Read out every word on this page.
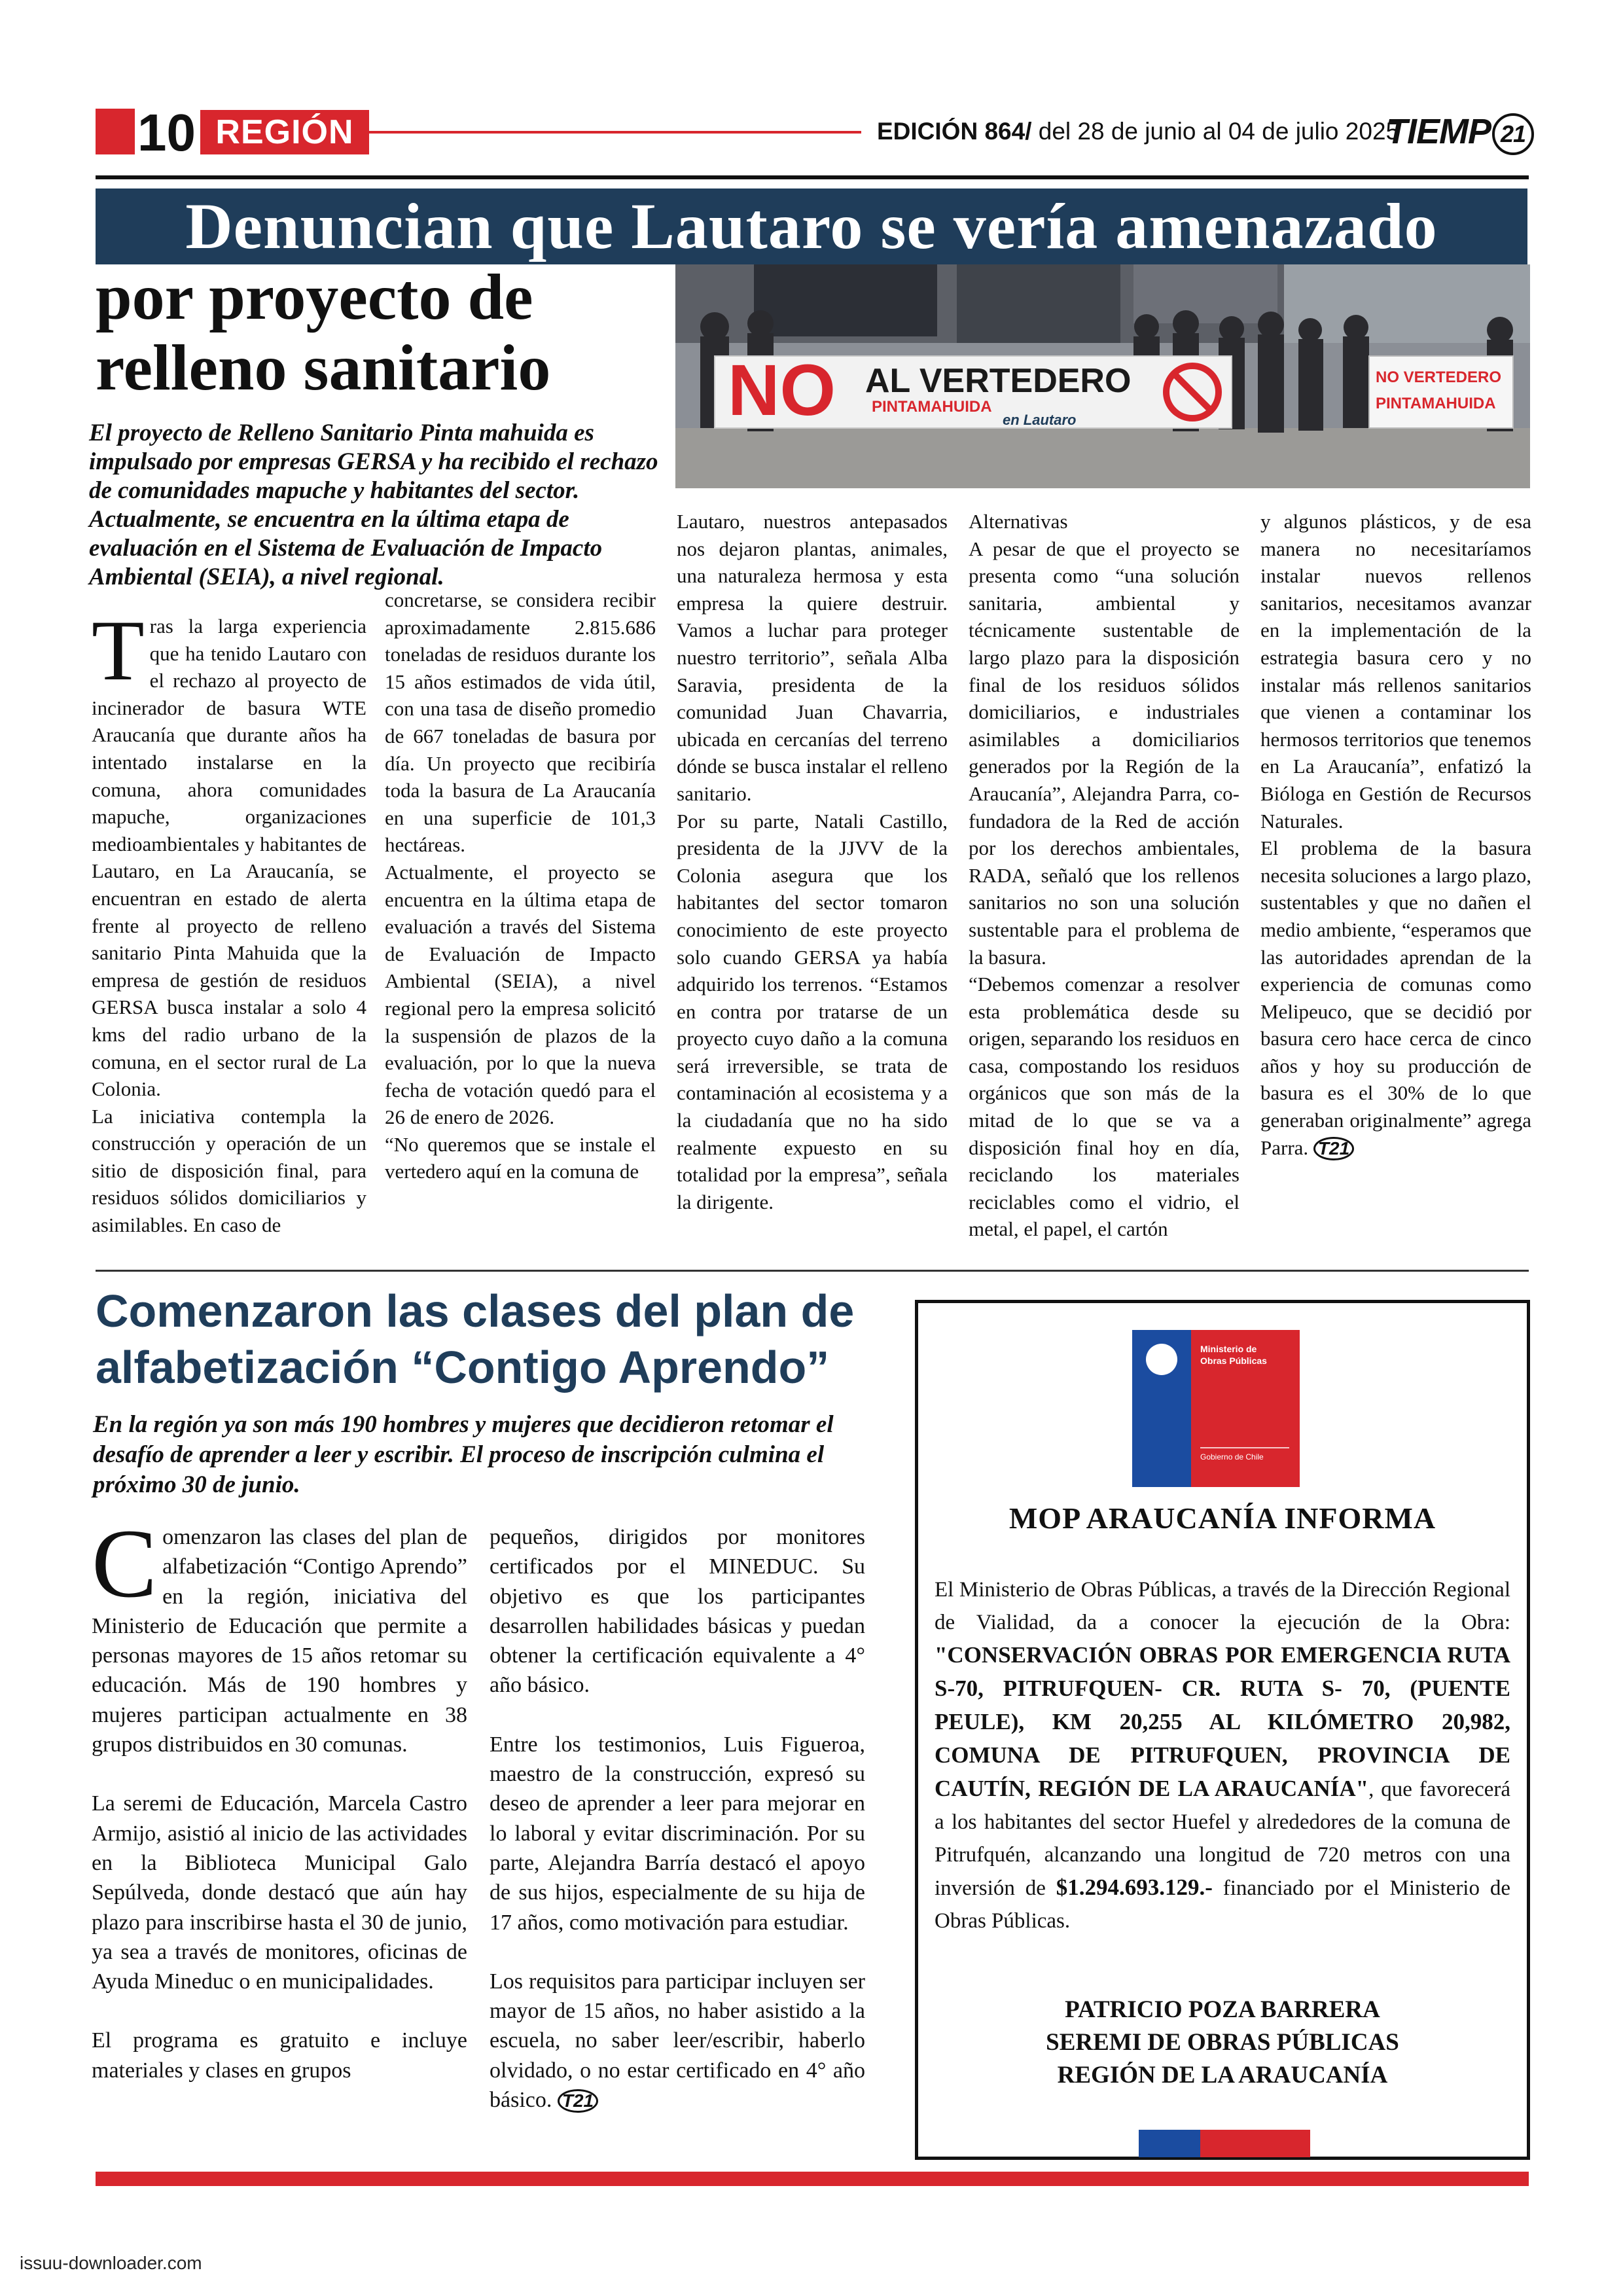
10 REGIÓN	EDICIÓN 864/ del 28 de junio al 04 de julio 2025
TIEMP 21
Denuncian que Lautaro se vería amenazado
por proyecto de
relleno sanitario	NO AL VERTEDERO
PINTAMAHUIDA
en Lautaro
NO VERTEDERO
PINTAMAHUIDA
El proyecto de Relleno Sanitario Pinta mahuida es impulsado por empresas GERSA y ha recibido el rechazo de comunidades mapuche y habitantes del sector. Actualmente, se encuentra en la última etapa de evaluación en el Sistema de Evaluación de Impacto Ambiental (SEIA), a nivel regional.

Tras la larga experiencia que ha tenido Lautaro con el rechazo al proyecto de incinerador de basura WTE Araucanía que durante años ha intentado instalarse en la comuna, ahora comunidades mapuche, organizaciones medioambientales y habitantes de Lautaro, en La Araucanía, se encuentran en estado de alerta frente al proyecto de relleno sanitario Pinta Mahuida que la empresa de gestión de residuos GERSA busca instalar a solo 4 kms del radio urbano de la comuna, en el sector rural de La Colonia.

La iniciativa contempla la construcción y operación de un sitio de disposición final, para residuos sólidos domiciliarios y asimilables. En caso de

concretarse, se considera recibir aproximadamente 2.815.686 toneladas de residuos durante los 15 años estimados de vida útil, con una tasa de diseño promedio de 667 toneladas de basura por día. Un proyecto que recibiría toda la basura de La Araucanía en una superficie de 101,3 hectáreas.

Actualmente, el proyecto se encuentra en la última etapa de evaluación a través del Sistema de Evaluación de Impacto Ambiental (SEIA), a nivel regional pero la empresa solicitó la suspensión de plazos de la evaluación, por lo que la nueva fecha de votación quedó para el 26 de enero de 2026.

“No queremos que se instale el vertedero aquí en la comuna de

Lautaro, nuestros antepasados nos dejaron plantas, animales, una naturaleza hermosa y esta empresa la quiere destruir. Vamos a luchar para proteger nuestro territorio”, señala Alba Saravia, presidenta de la comunidad Juan Chavarria, ubicada en cercanías del terreno dónde se busca instalar el relleno sanitario.

Por su parte, Natali Castillo, presidenta de la JJVV de la Colonia asegura que los habitantes del sector tomaron conocimiento de este proyecto solo cuando GERSA ya había adquirido los terrenos. “Estamos en contra por tratarse de un proyecto cuyo daño a la comuna será irreversible, se trata de contaminación al ecosistema y a la ciudadanía que no ha sido realmente expuesto en su totalidad por la empresa”, señala la dirigente.

Alternativas

A pesar de que el proyecto se presenta como “una solución sanitaria, ambiental y técnicamente sustentable de largo plazo para la disposición final de los residuos sólidos domiciliarios, e industriales asimilables a domiciliarios generados por la Región de la Araucanía”, Alejandra Parra, co-fundadora de la Red de acción por los derechos ambientales, RADA, señaló que los rellenos sanitarios no son una solución sustentable para el problema de la basura.

“Debemos comenzar a resolver esta problemática desde su origen, separando los residuos en casa, compostando los residuos orgánicos que son más de la mitad de lo que se va a disposición final hoy en día, reciclando los materiales reciclables como el vidrio, el metal, el papel, el cartón

y algunos plásticos, y de esa manera no necesitaríamos instalar nuevos rellenos sanitarios, necesitamos avanzar en la implementación de la estrategia basura cero y no instalar más rellenos sanitarios que vienen a contaminar los hermosos territorios que tenemos en La Araucanía”, enfatizó la Bióloga en Gestión de Recursos Naturales.

El problema de la basura necesita soluciones a largo plazo, sustentables y que no dañen el medio ambiente, “esperamos que las autoridades aprendan de la experiencia de comunas como Melipeuco, que se decidió por basura cero hace cerca de cinco años y hoy su producción de basura es el 30% de lo que generaban originalmente” agrega Parra. T21

Comenzaron las clases del plan de
alfabetización “Contigo Aprendo”
En la región ya son más 190 hombres y mujeres que decidieron retomar el desafío de aprender a leer y escribir. El proceso de inscripción culmina el próximo 30 de junio.

Comenzaron las clases del plan de alfabetización “Contigo Aprendo” en la región, iniciativa del Ministerio de Educación que permite a personas mayores de 15 años retomar su educación. Más de 190 hombres y mujeres participan actualmente en 38 grupos distribuidos en 30 comunas.

La seremi de Educación, Marcela Castro Armijo, asistió al inicio de las actividades en la Biblioteca Municipal Galo Sepúlveda, donde destacó que aún hay plazo para inscribirse hasta el 30 de junio, ya sea a través de monitores, oficinas de Ayuda Mineduc o en municipalidades.

El programa es gratuito e incluye materiales y clases en grupos

pequeños, dirigidos por monitores certificados por el MINEDUC. Su objetivo es que los participantes desarrollen habilidades básicas y puedan obtener la certificación equivalente a 4° año básico.

Entre los testimonios, Luis Figueroa, maestro de la construcción, expresó su deseo de aprender a leer para mejorar en lo laboral y evitar discriminación. Por su parte, Alejandra Barría destacó el apoyo de sus hijos, especialmente de su hija de 17 años, como motivación para estudiar.

Los requisitos para participar incluyen ser mayor de 15 años, no haber asistido a la escuela, no saber leer/escribir, haberlo olvidado, o no estar certificado en 4° año básico. T21

Ministerio de
Obras Públicas
Gobierno de Chile
MOP ARAUCANÍA INFORMA
El Ministerio de Obras Públicas, a través de la Dirección Regional de Vialidad, da a conocer la ejecución de la Obra: "CONSERVACIÓN OBRAS POR EMERGENCIA RUTA S-70, PITRUFQUEN- CR. RUTA S- 70, (PUENTE PEULE), KM 20,255 AL KILÓMETRO 20,982, COMUNA DE PITRUFQUEN, PROVINCIA DE CAUTÍN, REGIÓN DE LA ARAUCANÍA", que favorecerá a los habitantes del sector Huefel y alrededores de la comuna de Pitrufquén, alcanzando una longitud de 720 metros con una inversión de $1.294.693.129.- financiado por el Ministerio de Obras Públicas.
PATRICIO POZA BARRERA
SEREMI DE OBRAS PÚBLICAS
REGIÓN DE LA ARAUCANÍA
issuu-downloader.com
